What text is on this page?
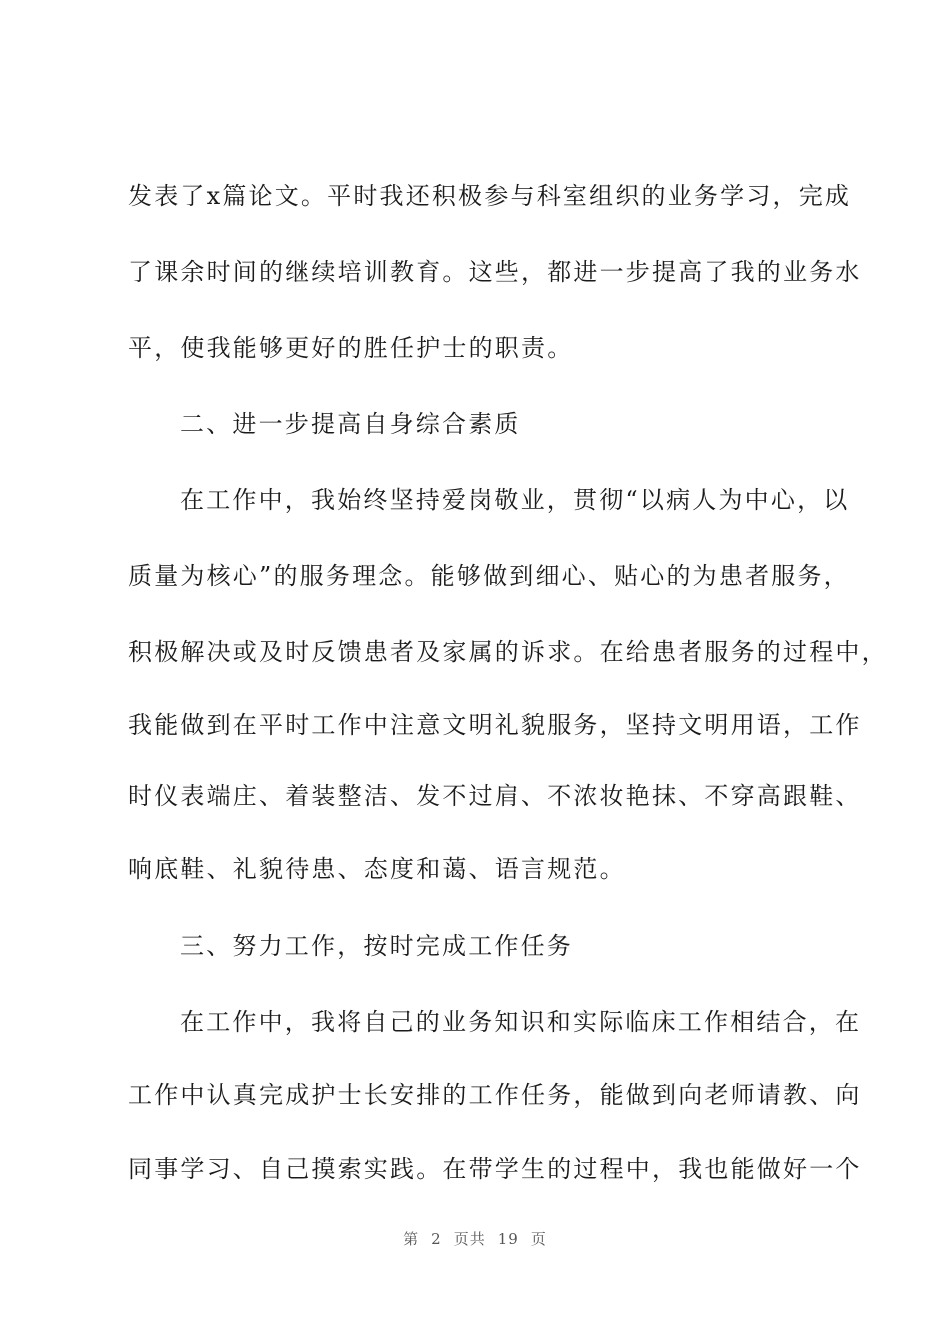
发表了x篇论文。平时我还积极参与科室组织的业务学习，完成
了课余时间的继续培训教育。这些，都进一步提高了我的业务水
平，使我能够更好的胜任护士的职责。
二、进一步提高自身综合素质
在工作中，我始终坚持爱岗敬业，贯彻“以病人为中心，以
质量为核心”的服务理念。能够做到细心、贴心的为患者服务，
积极解决或及时反馈患者及家属的诉求。在给患者服务的过程中，
我能做到在平时工作中注意文明礼貌服务，坚持文明用语，工作
时仪表端庄、着装整洁、发不过肩、不浓妆艳抹、不穿高跟鞋、
响底鞋、礼貌待患、态度和蔼、语言规范。
三、努力工作，按时完成工作任务
在工作中，我将自己的业务知识和实际临床工作相结合，在
工作中认真完成护士长安排的工作任务，能做到向老师请教、向
同事学习、自己摸索实践。在带学生的过程中，我也能做好一个
第 2 页共 19 页
